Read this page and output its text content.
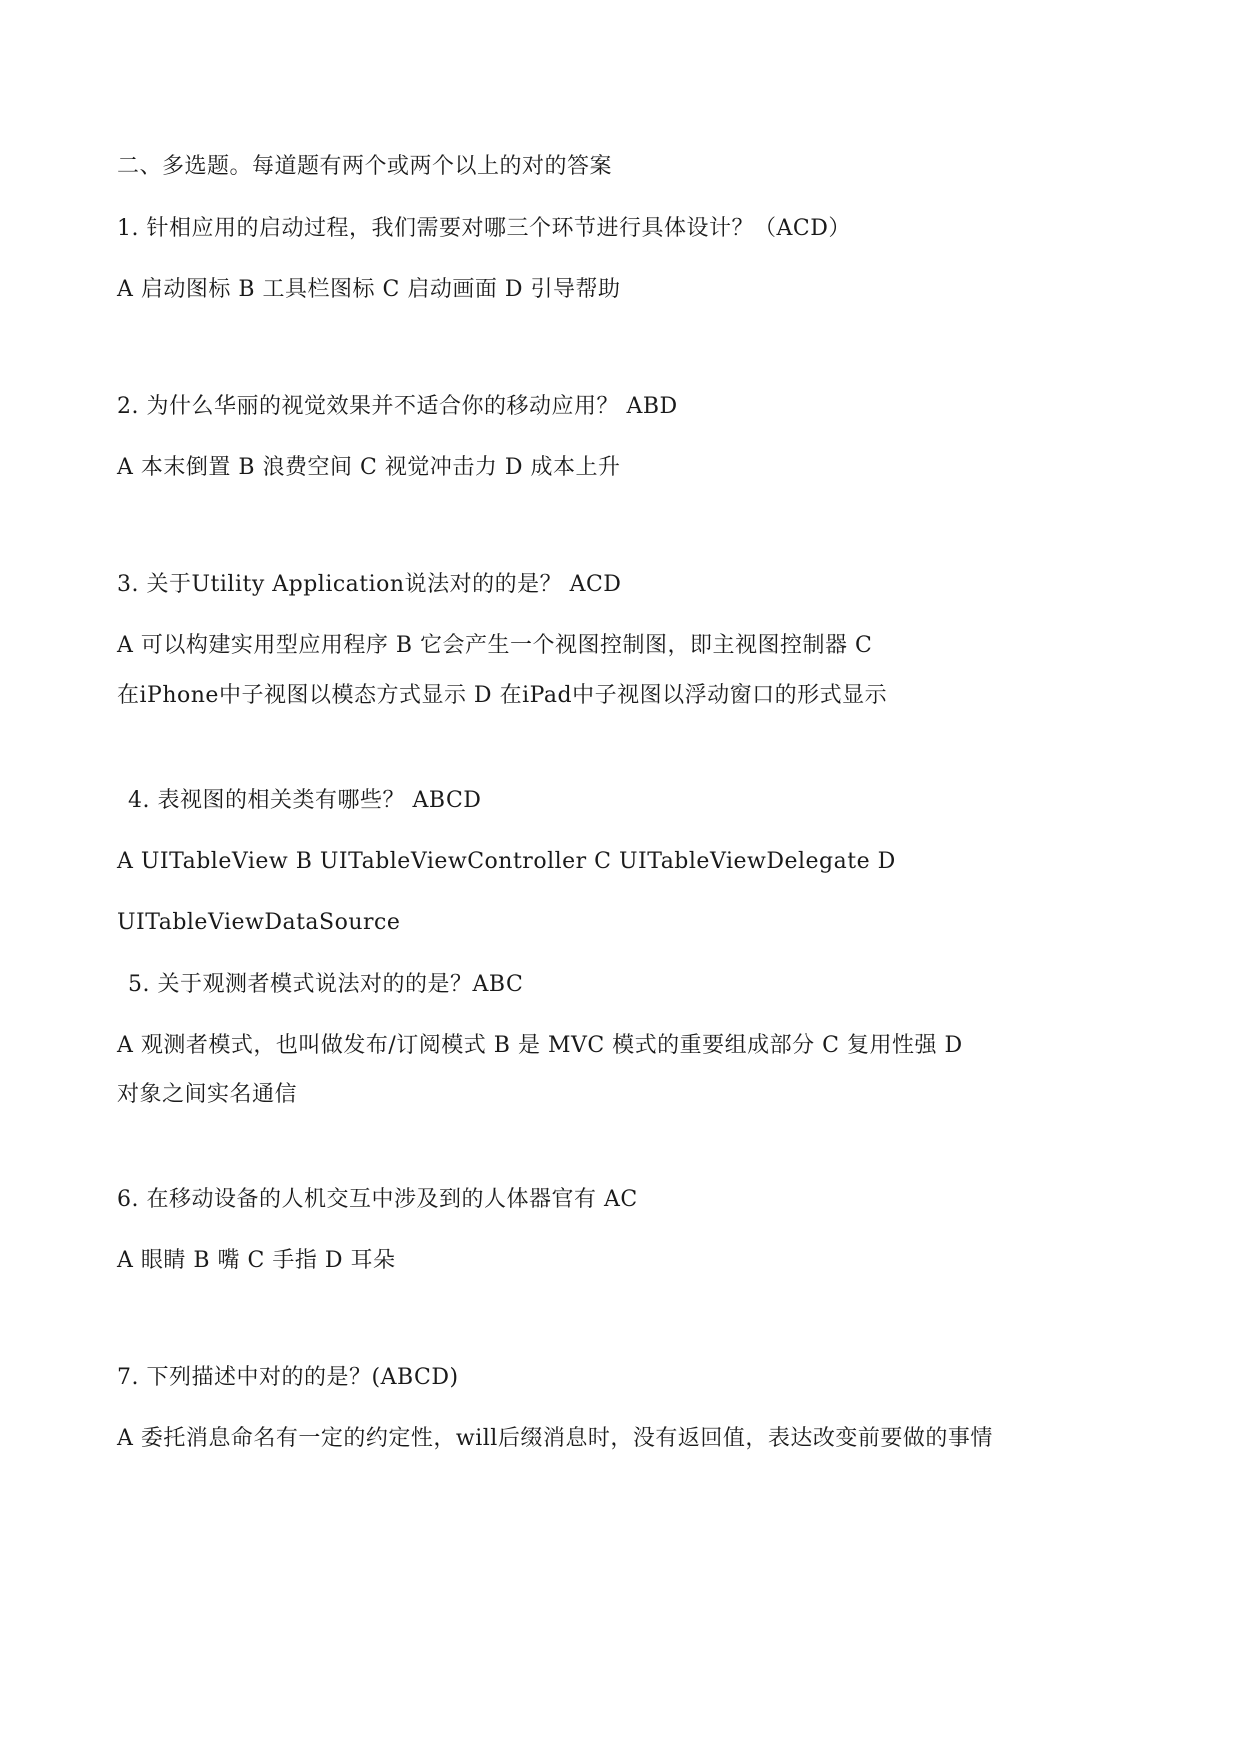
二、多选题。每道题有两个或两个以上的对的答案
1. 针相应用的启动过程，我们需要对哪三个环节进行具体设计？（ACD）
A 启动图标 B 工具栏图标 C 启动画面 D 引导帮助
2. 为什么华丽的视觉效果并不适合你的移动应用？ ABD
A 本末倒置 B 浪费空间 C 视觉冲击力 D 成本上升
3. 关于Utility Application说法对的的是？ ACD
A 可以构建实用型应用程序 B 它会产生一个视图控制图，即主视图控制器 C
在iPhone中子视图以模态方式显示 D 在iPad中子视图以浮动窗口的形式显示
4. 表视图的相关类有哪些？ ABCD
A UITableView B UITableViewController C UITableViewDelegate D
UITableViewDataSource
5. 关于观测者模式说法对的的是？ABC
A 观测者模式，也叫做发布/订阅模式 B 是 MVC 模式的重要组成部分 C 复用性强 D
对象之间实名通信
6. 在移动设备的人机交互中涉及到的人体器官有 AC
A 眼睛 B 嘴 C 手指 D 耳朵
7. 下列描述中对的的是？(ABCD)
A 委托消息命名有一定的约定性，will后缀消息时，没有返回值，表达改变前要做的事情
